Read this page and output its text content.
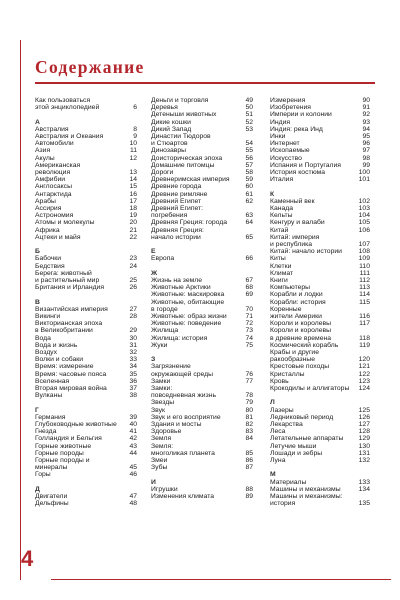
Содержание
Как пользоваться
этой энциклопедией	6
А
Австралия	8
Австралия и Океания	9
Автомобили	10
Азия	11
Акулы	12
Американская
революция	13
Амфибии	14
Англосаксы	15
Антарктида	16
Арабы	17
Ассирия	18
Астрономия	19
Атомы и молекулы	20
Африка	21
Ацтеки и майя	22
Б
Бабочки	23
Бедствия	24
Берега: животный
и растительный мир	25
Британия и Ирландия	26
В
Византийская империя	27
Викинги	28
Викторианская эпоха
в Великобритании	29
Вода	30
Вода и жизнь	31
Воздух	32
Волки и собаки	33
Время: измерение	34
Время: часовые пояса	35
Вселенная	36
Вторая мировая война	37
Вулканы	38
Г
Германия	39
Глубоководные животные	40
Гнезда	41
Голландия и Бельгия	42
Горные животные	43
Горные породы	44
Горные породы и минералы	45
Горы	46
Д
Двигатели	47
Дельфины	48
Деньги и торговля	49
Деревья	50
Детеныши животных	51
Дикие кошки	52
Дикий Запад	53
Династии Тюдоров
и Стюартов	54
Динозавры	55
Доисторическая эпоха	56
Домашние питомцы	57
Дороги	58
Древнеримская империя	59
Древние города	60
Древние римляне	61
Древний Египет	62
Древний Египет:
погребения	63
Древняя Греция: города	64
Древняя Греция:
начало истории	65
Е
Европа	66
Ж
Жизнь на земле	67
Животные Арктики	68
Животные: маскировка	69
Животные, обитающие
в городе	70
Животные: образ жизни	71
Животные: поведение	72
Жилища	73
Жилища: история	74
Жуки	75
З
Загрязнение
окружающей среды	76
Замки	77
Замки:
повседневная жизнь	78
Звезды	79
Звук	80
Звук и его восприятие	81
Здания и мосты	82
Здоровье	83
Земля	84
Земля:
многоликая планета	85
Змеи	86
Зубы	87
И
Игрушки	88
Изменения климата	89
Измерения	90
Изобретения	91
Империи и колонии	92
Индия	93
Индия: река Инд	94
Инки	95
Интернет	96
Ископаемые	97
Искусство	98
Испания и Португалия	99
История костюма	100
Италия	101
К
Каменный век	102
Канада	103
Кельты	104
Кенгуру и валаби	105
Китай	106
Китай: империя
и республика	107
Китай: начало истории	108
Киты	109
Клетки	110
Климат	111
Книги	112
Компьютеры	113
Корабли и лодки	114
Корабли: история	115
Коренные
жители Америки	116
Короли и королевы	117
Короли и королевы
в древние времена	118
Космический корабль	119
Крабы и другие
ракообразные	120
Крестовые походы	121
Кристаллы	122
Кровь	123
Крокодилы и аллигаторы	124
Л
Лазеры	125
Ледниковый период	126
Лекарства	127
Леса	128
Летательные аппараты	129
Летучие мыши	130
Лошади и зебры	131
Луна	132
М
Материалы	133
Машины и механизмы	134
Машины и механизмы:
история	135
4
